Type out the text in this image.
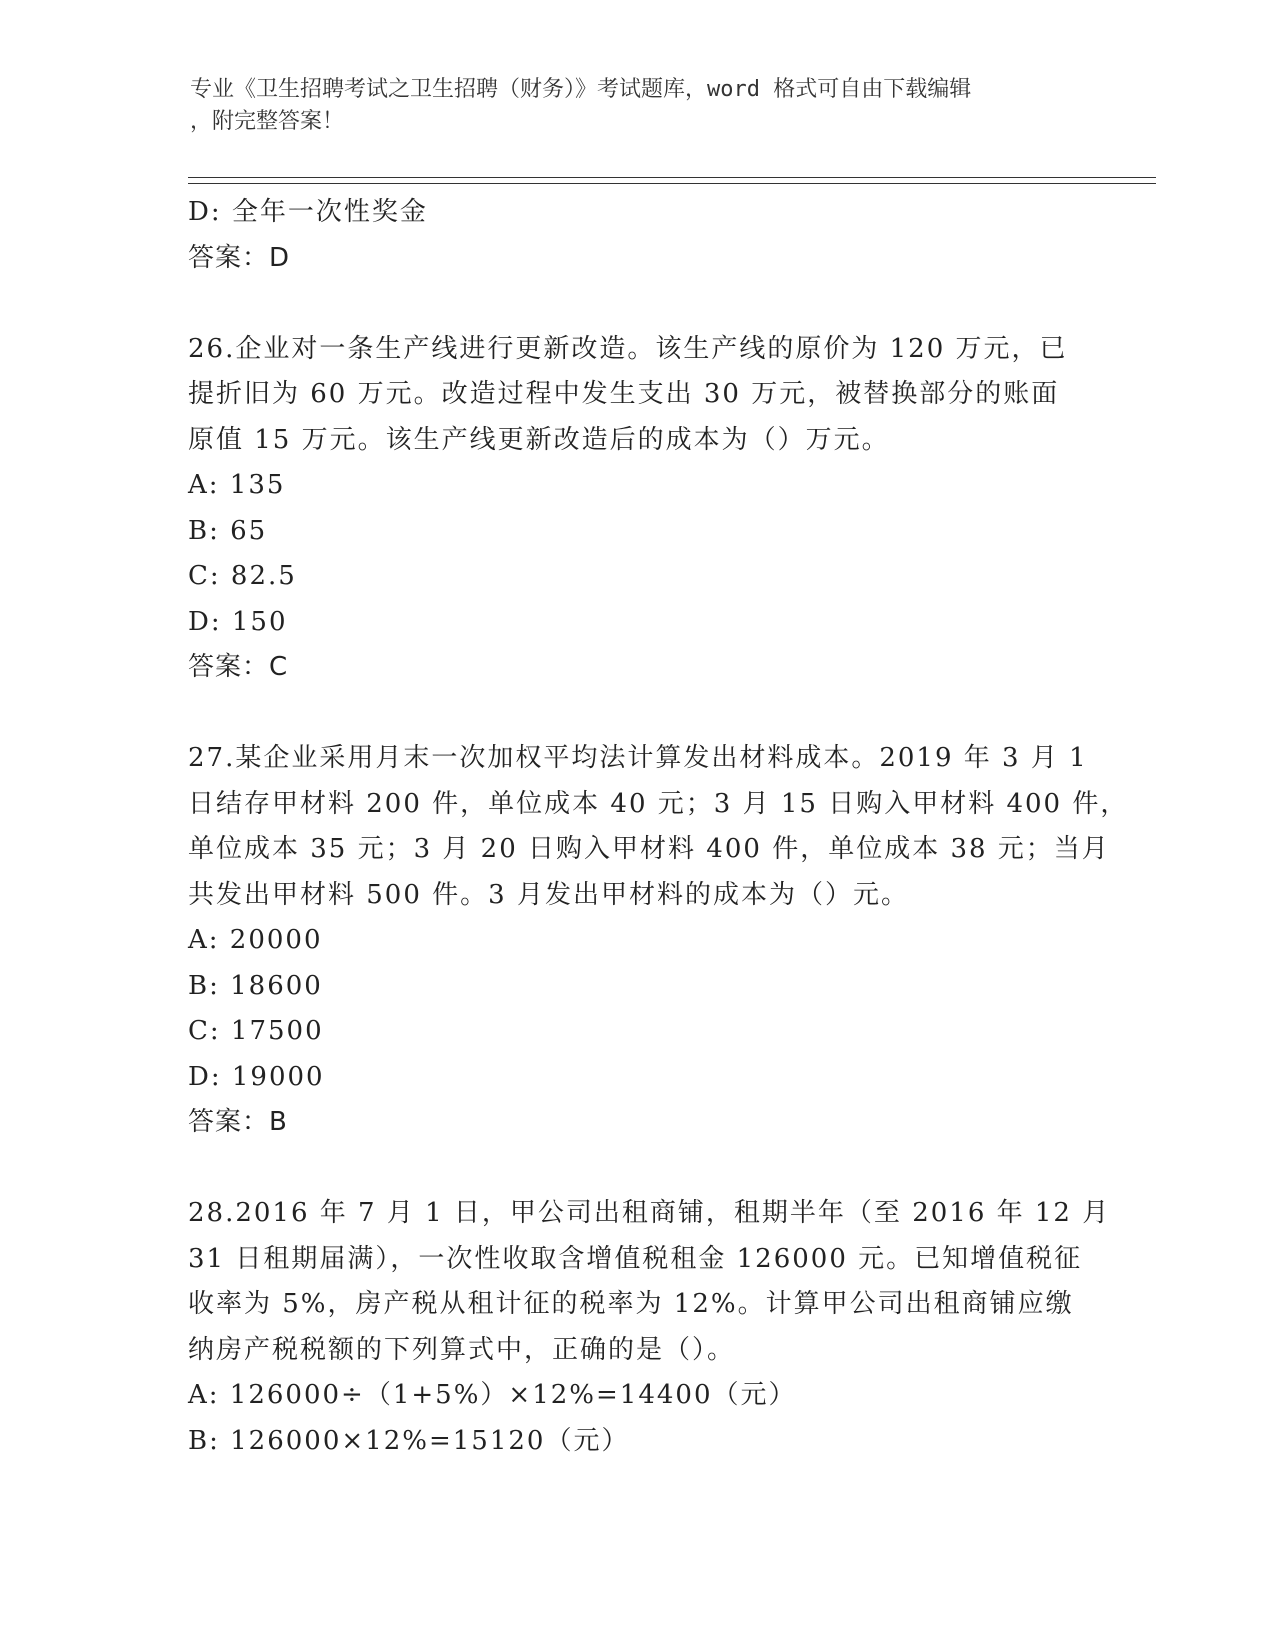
专业《卫生招聘考试之卫生招聘（财务）》考试题库，word 格式可自由下载编辑
，附完整答案！
D: 全年一次性奖金
答案：D
26.企业对一条生产线进行更新改造。该生产线的原价为 120 万元，已
提折旧为 60 万元。改造过程中发生支出 30 万元，被替换部分的账面
原值 15 万元。该生产线更新改造后的成本为（）万元。
A: 135
B: 65
C: 82.5
D: 150
答案：C
27.某企业采用月末一次加权平均法计算发出材料成本。2019 年 3 月 1
日结存甲材料 200 件，单位成本 40 元；3 月 15 日购入甲材料 400 件，
单位成本 35 元；3 月 20 日购入甲材料 400 件，单位成本 38 元；当月
共发出甲材料 500 件。3 月发出甲材料的成本为（）元。
A: 20000
B: 18600
C: 17500
D: 19000
答案：B
28.2016 年 7 月 1 日，甲公司出租商铺，租期半年（至 2016 年 12 月
31 日租期届满），一次性收取含增值税租金 126000 元。已知增值税征
收率为 5%，房产税从租计征的税率为 12%。计算甲公司出租商铺应缴
纳房产税税额的下列算式中，正确的是（）。
A: 126000÷（1+5%）×12%=14400（元）
B: 126000×12%=15120（元）
